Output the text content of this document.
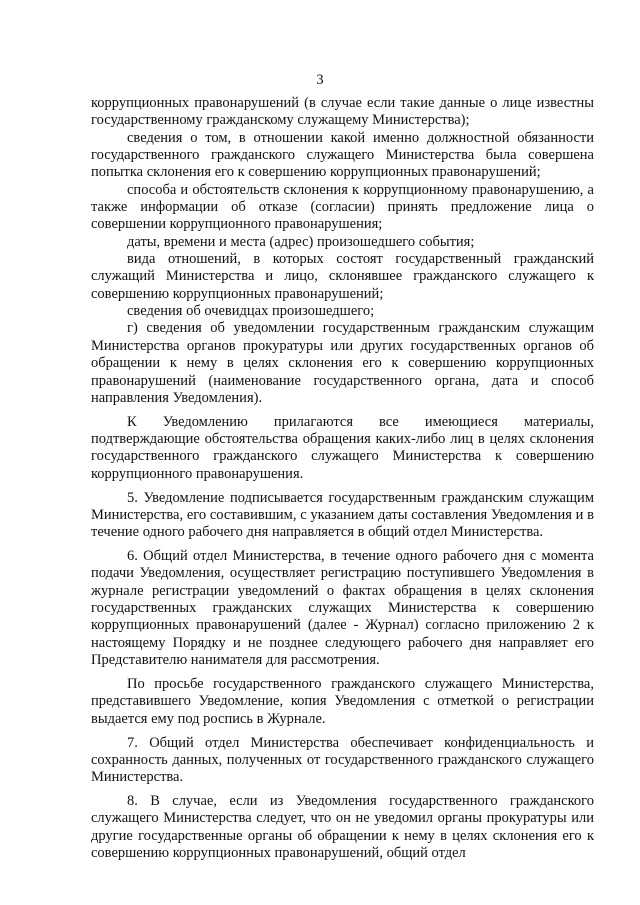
3

коррупционных правонарушений (в случае если такие данные о лице известны государственному гражданскому служащему Министерства);

сведения о том, в отношении какой именно должностной обязанности государственного гражданского служащего Министерства была совершена попытка склонения его к совершению коррупционных правонарушений;

способа и обстоятельств склонения к коррупционному правонарушению, а также информации об отказе (согласии) принять предложение лица о совершении коррупционного правонарушения;

даты, времени и места (адрес) произошедшего события;

вида отношений, в которых состоят государственный гражданский служащий Министерства и лицо, склонявшее гражданского служащего к совершению коррупционных правонарушений;

сведения об очевидцах произошедшего;

г) сведения об уведомлении государственным гражданским служащим Министерства органов прокуратуры или других государственных органов об обращении к нему в целях склонения его к совершению коррупционных правонарушений (наименование государственного органа, дата и способ направления Уведомления).

К Уведомлению прилагаются все имеющиеся материалы, подтверждающие обстоятельства обращения каких-либо лиц в целях склонения государственного гражданского служащего Министерства к совершению коррупционного правонарушения.

5. Уведомление подписывается государственным гражданским служащим Министерства, его составившим, с указанием даты составления Уведомления и в течение одного рабочего дня направляется в общий отдел Министерства.

6. Общий отдел Министерства, в течение одного рабочего дня с момента подачи Уведомления, осуществляет регистрацию поступившего Уведомления в журнале регистрации уведомлений о фактах обращения в целях склонения государственных гражданских служащих Министерства к совершению коррупционных правонарушений (далее - Журнал) согласно приложению 2 к настоящему Порядку и не позднее следующего рабочего дня направляет его Представителю нанимателя для рассмотрения.

По просьбе государственного гражданского служащего Министерства, представившего Уведомление, копия Уведомления с отметкой о регистрации выдается ему под роспись в Журнале.

7. Общий отдел Министерства обеспечивает конфиденциальность и сохранность данных, полученных от государственного гражданского служащего Министерства.

8. В случае, если из Уведомления государственного гражданского служащего Министерства следует, что он не уведомил органы прокуратуры или другие государственные органы об обращении к нему в целях склонения его к совершению коррупционных правонарушений, общий отдел
